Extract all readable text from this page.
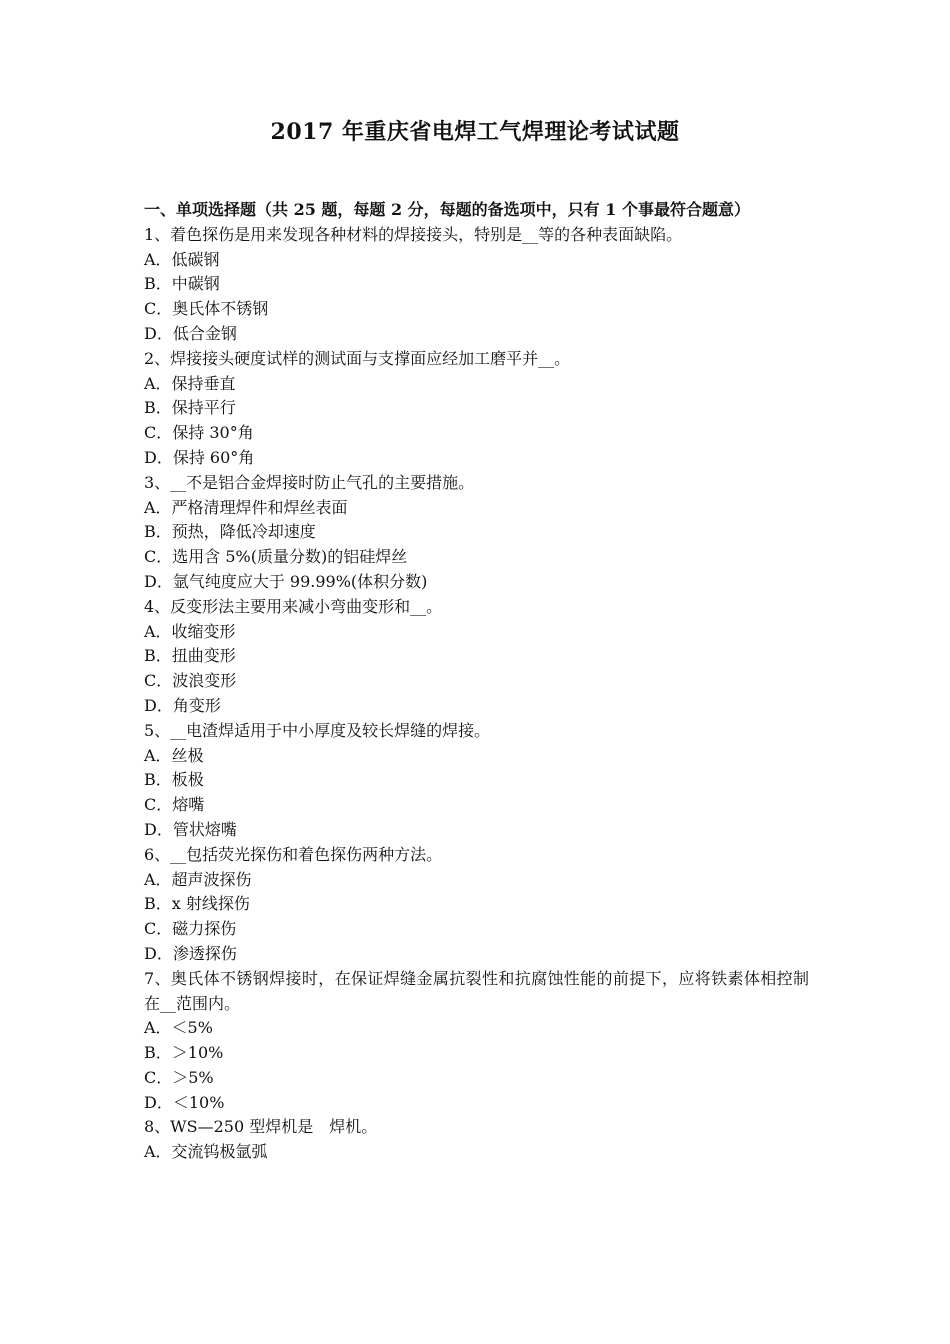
2017 年重庆省电焊工气焊理论考试试题
一、单项选择题（共 25 题，每题 2 分，每题的备选项中，只有 1 个事最符合题意）
1、着色探伤是用来发现各种材料的焊接接头，特别是__等的各种表面缺陷。
A．低碳钢
B．中碳钢
C．奥氏体不锈钢
D．低合金钢
2、焊接接头硬度试样的测试面与支撑面应经加工磨平并__。
A．保持垂直
B．保持平行
C．保持 30°角
D．保持 60°角
3、__不是铝合金焊接时防止气孔的主要措施。
A．严格清理焊件和焊丝表面
B．预热，降低冷却速度
C．选用含 5%(质量分数)的铝硅焊丝
D．氩气纯度应大于 99.99%(体积分数)
4、反变形法主要用来减小弯曲变形和__。
A．收缩变形
B．扭曲变形
C．波浪变形
D．角变形
5、__电渣焊适用于中小厚度及较长焊缝的焊接。
A．丝极
B．板极
C．熔嘴
D．管状熔嘴
6、__包括荧光探伤和着色探伤两种方法。
A．超声波探伤
B．x 射线探伤
C．磁力探伤
D．渗透探伤
7、奥氏体不锈钢焊接时，在保证焊缝金属抗裂性和抗腐蚀性能的前提下，应将铁素体相控制在__范围内。
A．＜5%
B．＞10%
C．＞5%
D．＜10%
8、WS—250 型焊机是　焊机。
A．交流钨极氩弧
